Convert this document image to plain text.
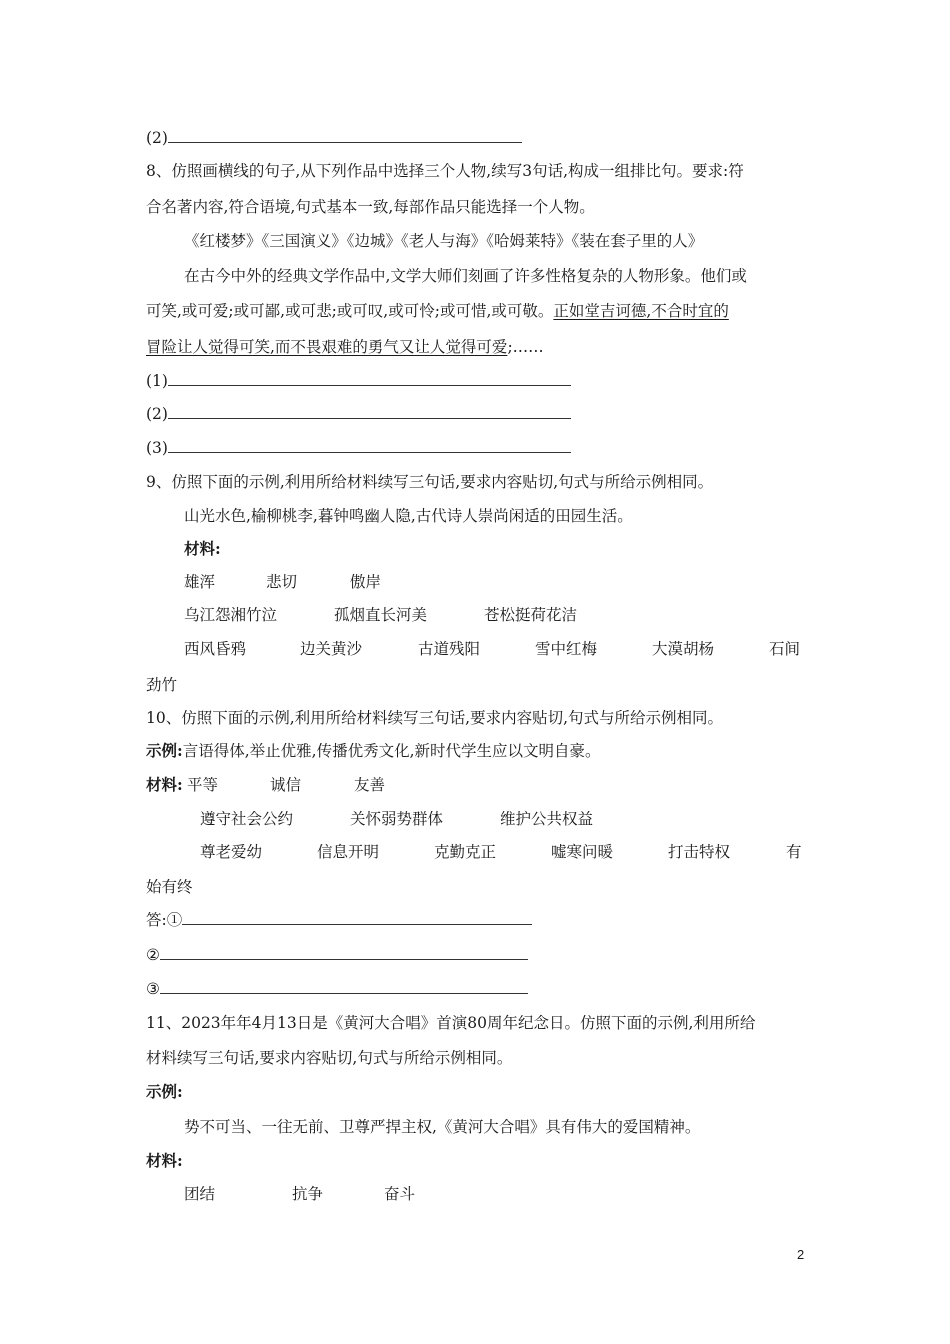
(2)
8、仿照画横线的句子,从下列作品中选择三个人物,续写3句话,构成一组排比句。要求:符
合名著内容,符合语境,句式基本一致,每部作品只能选择一个人物。
《红楼梦》《三国演义》《边城》《老人与海》《哈姆莱特》《装在套子里的人》
在古今中外的经典文学作品中,文学大师们刻画了许多性格复杂的人物形象。他们或
可笑,或可爱;或可鄙,或可悲;或可叹,或可怜;或可惜,或可敬。正如堂吉诃德,不合时宜的
冒险让人觉得可笑,而不畏艰难的勇气又让人觉得可爱;……
(1)
(2)
(3)
9、仿照下面的示例,利用所给材料续写三句话,要求内容贴切,句式与所给示例相同。
山光水色,榆柳桃李,暮钟鸣幽人隐,古代诗人崇尚闲适的田园生活。
材料:
雄浑	悲切	傲岸
乌江怨湘竹泣	孤烟直长河美	苍松挺荷花洁
西风昏鸦	边关黄沙	古道残阳	雪中红梅	大漠胡杨	石间
劲竹
10、仿照下面的示例,利用所给材料续写三句话,要求内容贴切,句式与所给示例相同。
示例:言语得体,举止优雅,传播优秀文化,新时代学生应以文明自豪。
材料: 平等	诚信	友善
遵守社会公约	关怀弱势群体	维护公共权益
尊老爱幼	信息开明	克勤克正	嘘寒问暖	打击特权	有
始有终
答:①
②
③
11、2023年年4月13日是《黄河大合唱》首演80周年纪念日。仿照下面的示例,利用所给
材料续写三句话,要求内容贴切,句式与所给示例相同。
示例:
势不可当、一往无前、卫尊严捍主权,《黄河大合唱》具有伟大的爱国精神。
材料:
团结	抗争	奋斗
2
